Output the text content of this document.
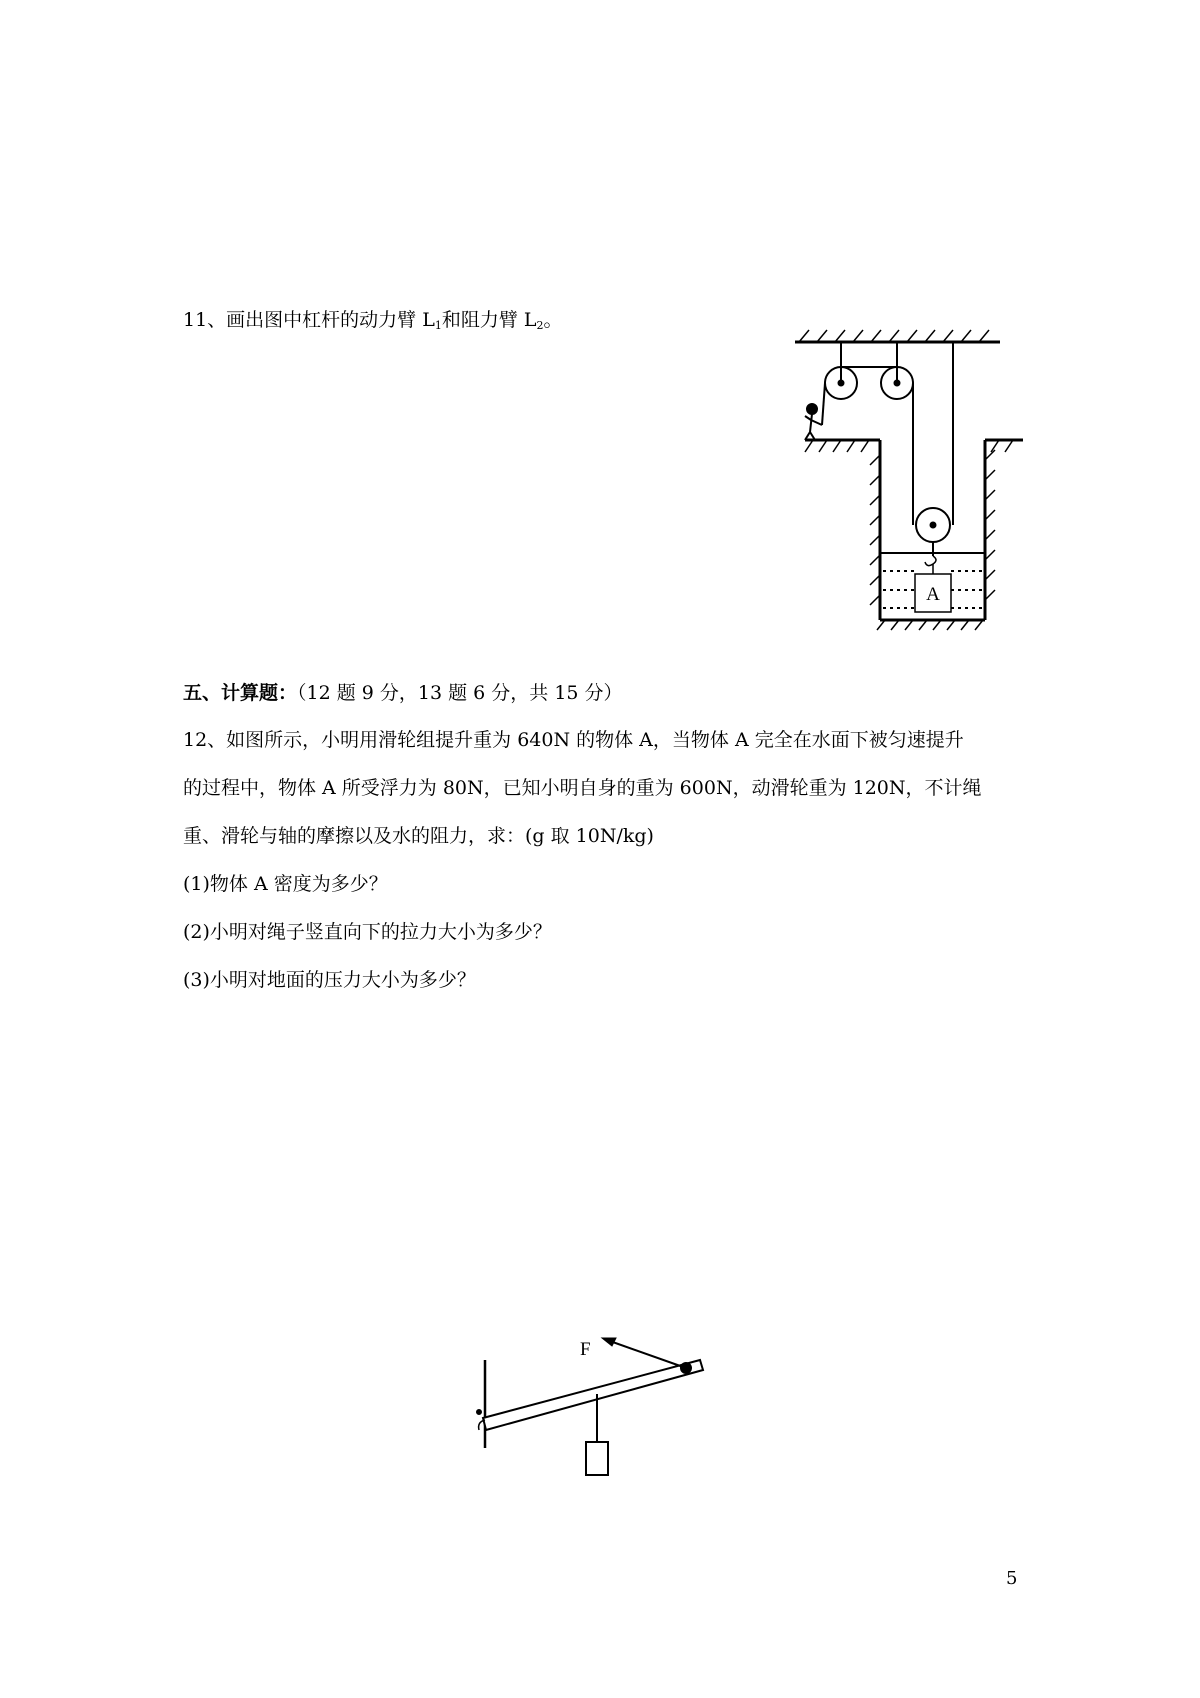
11、画出图中杠杆的动力臂 $L_1$和阻力臂 $L_2$。
A
五、计算题：（12 题 9 分，13 题 6 分，共 15 分）
12、如图所示，小明用滑轮组提升重为 640N 的物体 A，当物体 A 完全在水面下被匀速提升
的过程中，物体 A 所受浮力为 80N，已知小明自身的重为 600N，动滑轮重为 120N，不计绳
重、滑轮与轴的摩擦以及水的阻力，求：(g 取 10N/kg)
(1)物体 A 密度为多少？
(2)小明对绳子竖直向下的拉力大小为多少？
(3)小明对地面的压力大小为多少？
F
5
